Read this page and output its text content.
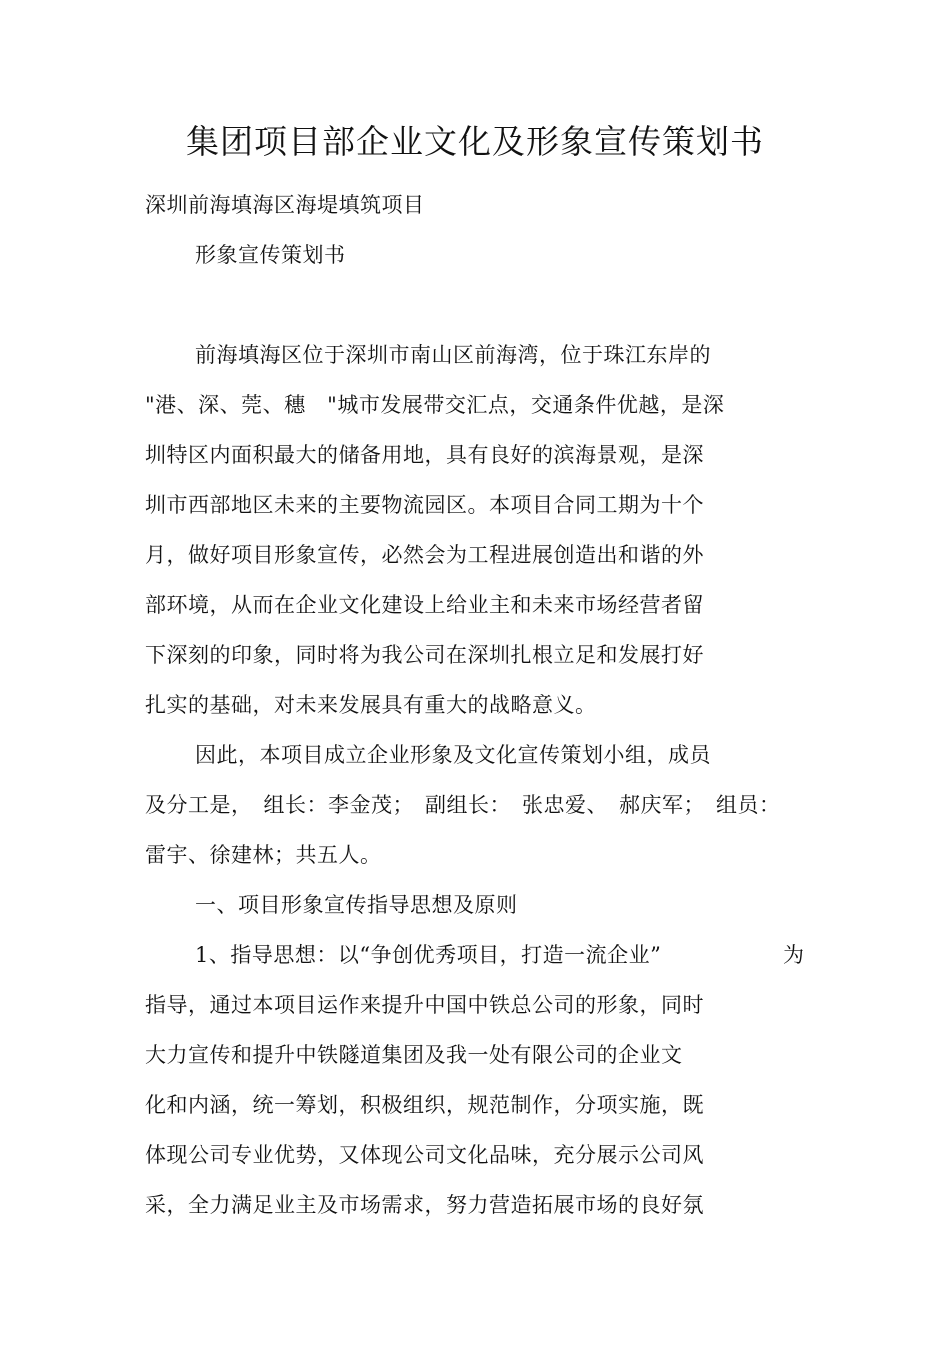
集团项目部企业文化及形象宣传策划书
深圳前海填海区海堤填筑项目
形象宣传策划书
前海填海区位于深圳市南山区前海湾，位于珠江东岸的
"港、深、莞、穗　"城市发展带交汇点，交通条件优越，是深
圳特区内面积最大的储备用地，具有良好的滨海景观，是深
圳市西部地区未来的主要物流园区。本项目合同工期为十个
月，做好项目形象宣传，必然会为工程进展创造出和谐的外
部环境，从而在企业文化建设上给业主和未来市场经营者留
下深刻的印象，同时将为我公司在深圳扎根立足和发展打好
扎实的基础，对未来发展具有重大的战略意义。
因此，本项目成立企业形象及文化宣传策划小组，成员
及分工是，　组长：李金茂；　副组长：　张忠爱、　郝庆军；　组员：
雷宇、徐建林；共五人。
一、项目形象宣传指导思想及原则
1、指导思想：以“争创优秀项目，打造一流企业”	为
指导，通过本项目运作来提升中国中铁总公司的形象，同时
大力宣传和提升中铁隧道集团及我一处有限公司的企业文
化和内涵，统一筹划，积极组织，规范制作，分项实施，既
体现公司专业优势，又体现公司文化品味，充分展示公司风
采，全力满足业主及市场需求，努力营造拓展市场的良好氛
